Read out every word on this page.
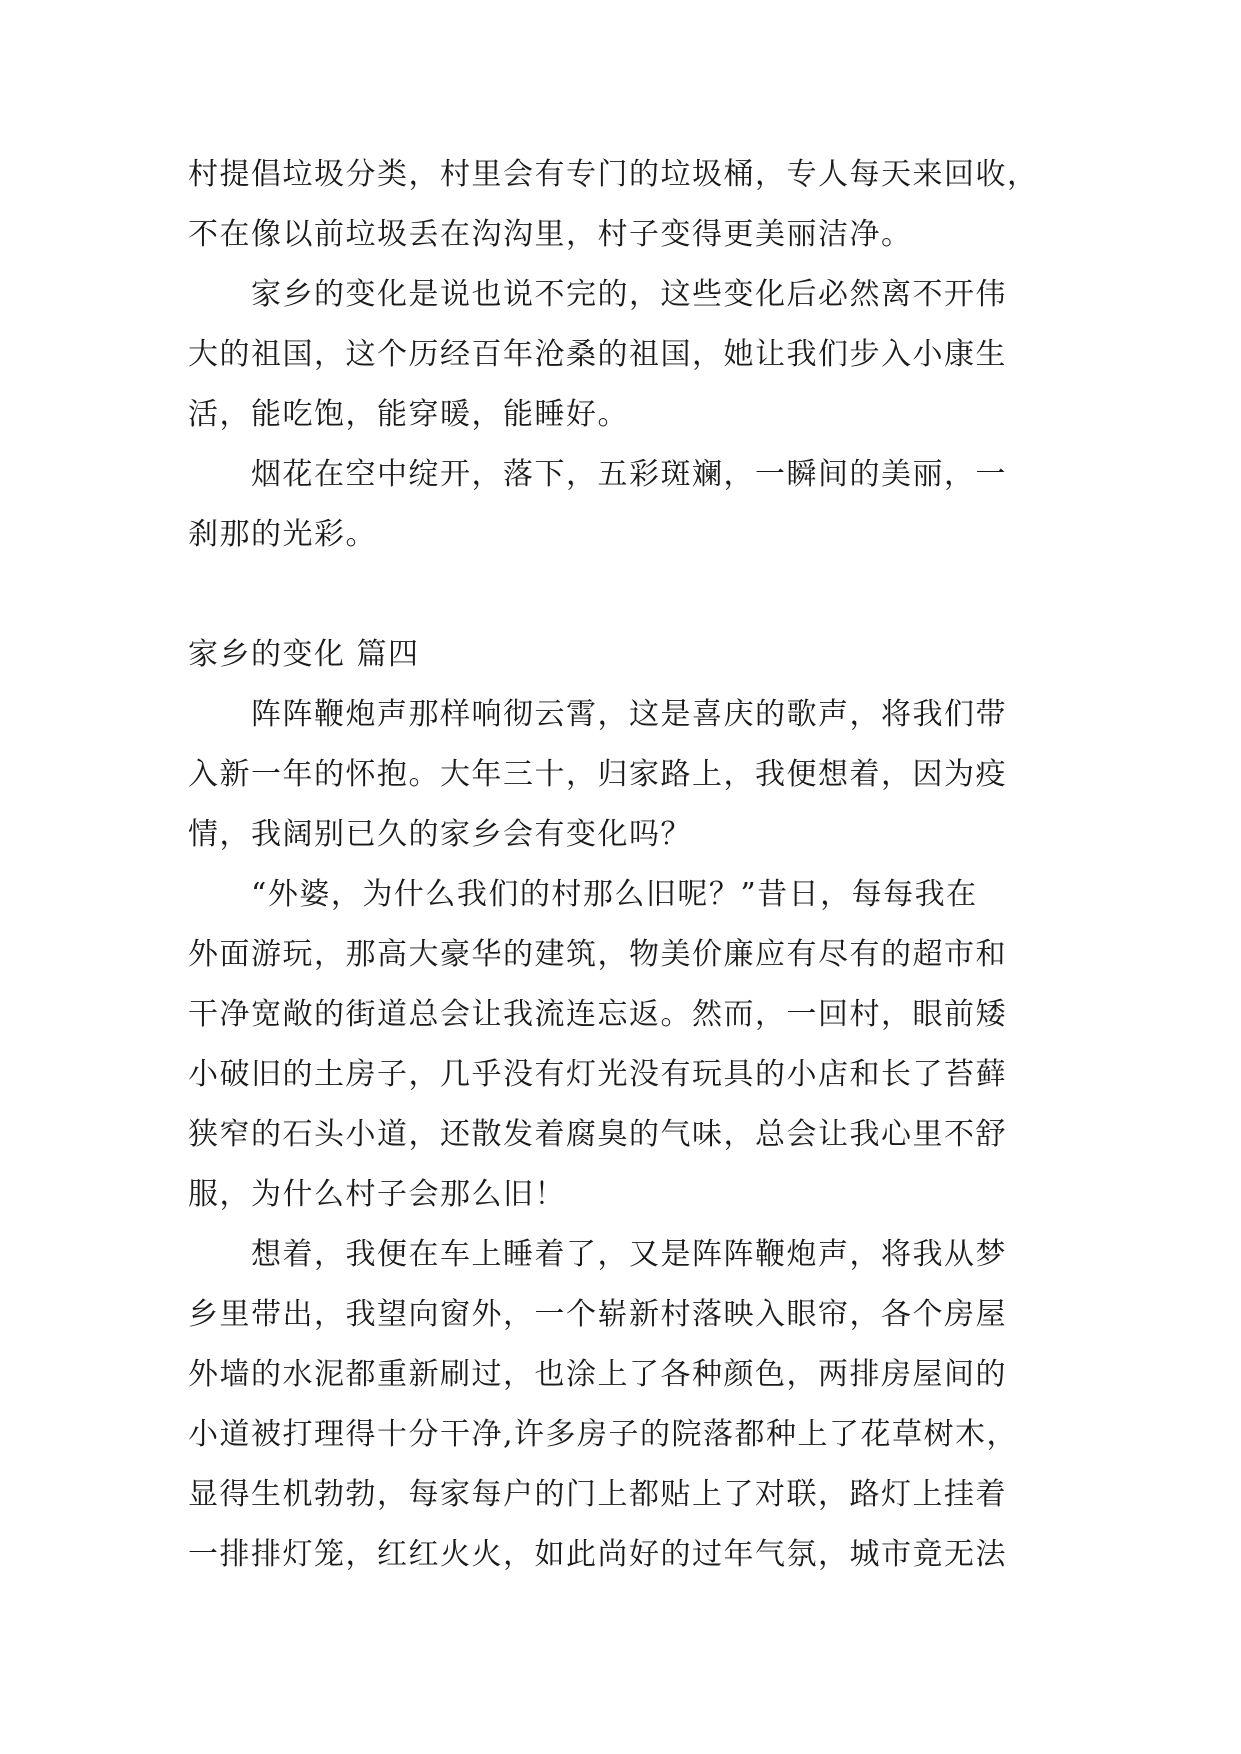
村提倡垃圾分类，村里会有专门的垃圾桶，专人每天来回收，
不在像以前垃圾丢在沟沟里，村子变得更美丽洁净。
　　家乡的变化是说也说不完的，这些变化后必然离不开伟
大的祖国，这个历经百年沧桑的祖国，她让我们步入小康生
活，能吃饱，能穿暖，能睡好。
　　烟花在空中绽开，落下，五彩斑斓，一瞬间的美丽，一
刹那的光彩。
家乡的变化 篇四
　　阵阵鞭炮声那样响彻云霄，这是喜庆的歌声，将我们带
入新一年的怀抱。大年三十，归家路上，我便想着，因为疫
情，我阔别已久的家乡会有变化吗？
　　“外婆，为什么我们的村那么旧呢？”昔日，每每我在
外面游玩，那高大豪华的建筑，物美价廉应有尽有的超市和
干净宽敞的街道总会让我流连忘返。然而，一回村，眼前矮
小破旧的土房子，几乎没有灯光没有玩具的小店和长了苔藓
狭窄的石头小道，还散发着腐臭的气味，总会让我心里不舒
服，为什么村子会那么旧！
　　想着，我便在车上睡着了，又是阵阵鞭炮声，将我从梦
乡里带出，我望向窗外，一个崭新村落映入眼帘，各个房屋
外墙的水泥都重新刷过，也涂上了各种颜色，两排房屋间的
小道被打理得十分干净,许多房子的院落都种上了花草树木，
显得生机勃勃，每家每户的门上都贴上了对联，路灯上挂着
一排排灯笼，红红火火，如此尚好的过年气氛，城市竟无法
